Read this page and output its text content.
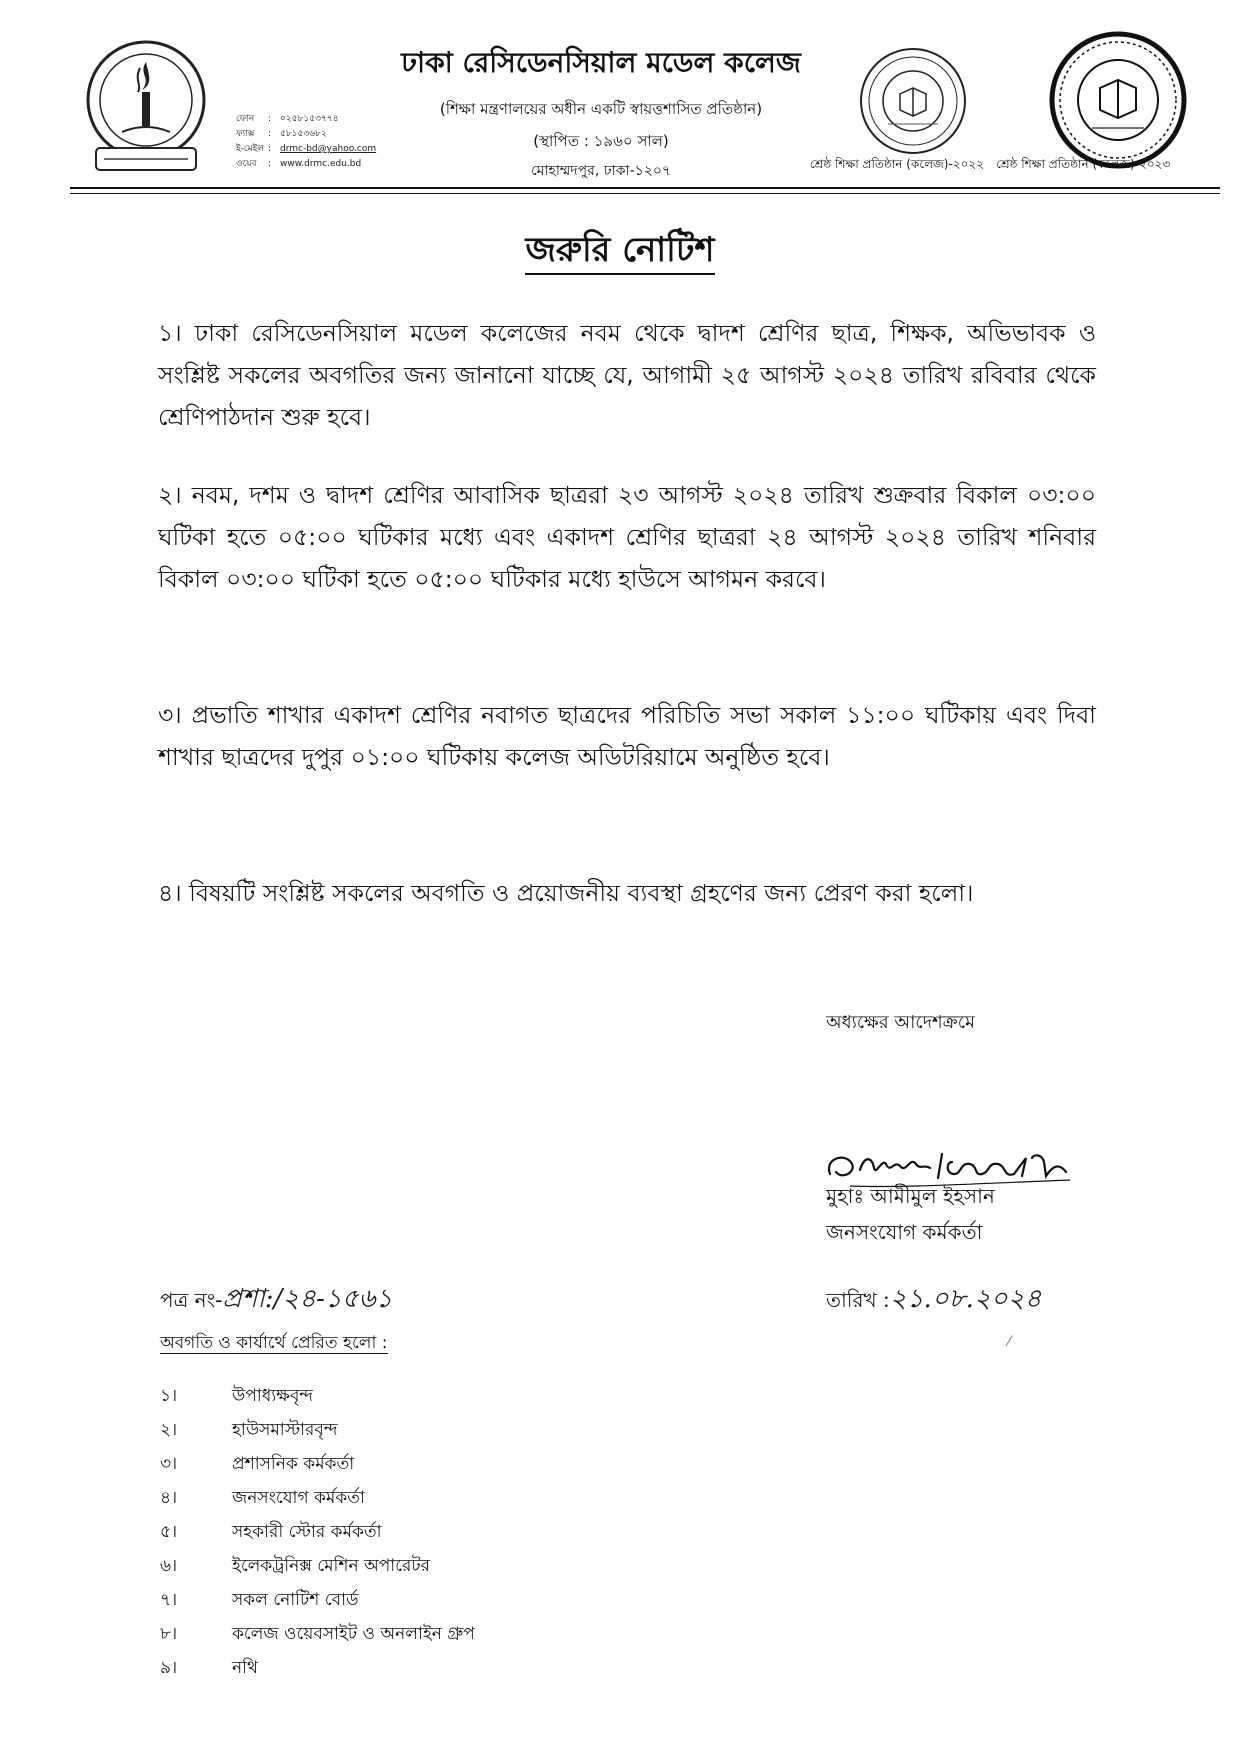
ফোন	: ০২৫৮১৫৩৭৭৪
ফ্যাক্স	: ৫৮১৫৩৬৮২
ই-মেইল : drmc-bd@yahoo.com
ওয়েব	: www.drmc.edu.bd
ঢাকা রেসিডেনসিয়াল মডেল কলেজ
(শিক্ষা মন্ত্রণালয়ের অধীন একটি স্বায়ত্তশাসিত প্রতিষ্ঠান)
(স্থাপিত : ১৯৬০ সাল)
মোহাম্মদপুর, ঢাকা-১২০৭	শ্রেষ্ঠ শিক্ষা প্রতিষ্ঠান (কলেজ)-২০২২ শ্রেষ্ঠ শিক্ষা প্রতিষ্ঠান (কলেজ)-২০২৩
জরুরি নোটিশ
১। ঢাকা রেসিডেনসিয়াল মডেল কলেজের নবম থেকে দ্বাদশ শ্রেণির ছাত্র, শিক্ষক, অভিভাবক ও সংশ্লিষ্ট সকলের অবগতির জন্য জানানো যাচ্ছে যে, আগামী ২৫ আগস্ট ২০২৪ তারিখ রবিবার থেকে শ্রেণিপাঠদান শুরু হবে।
২। নবম, দশম ও দ্বাদশ শ্রেণির আবাসিক ছাত্ররা ২৩ আগস্ট ২০২৪ তারিখ শুক্রবার বিকাল ০৩:০০ ঘটিকা হতে ০৫:০০ ঘটিকার মধ্যে এবং একাদশ শ্রেণির ছাত্ররা ২৪ আগস্ট ২০২৪ তারিখ শনিবার বিকাল ০৩:০০ ঘটিকা হতে ০৫:০০ ঘটিকার মধ্যে হাউসে আগমন করবে।
৩। প্রভাতি শাখার একাদশ শ্রেণির নবাগত ছাত্রদের পরিচিতি সভা সকাল ১১:০০ ঘটিকায় এবং দিবা শাখার ছাত্রদের দুপুর ০১:০০ ঘটিকায় কলেজ অডিটরিয়ামে অনুষ্ঠিত হবে।
৪। বিষয়টি সংশ্লিষ্ট সকলের অবগতি ও প্রয়োজনীয় ব্যবস্থা গ্রহণের জন্য প্রেরণ করা হলো।
অধ্যক্ষের আদেশক্রমে
মুহাঃ আমীমুল ইহসান
জনসংযোগ কর্মকর্তা
পত্র নং-প্রশা:/২৪-১৫৬১	তারিখ :২১.০৮.২০২৪
⁄
অবগতি ও কার্যার্থে প্রেরিত হলো :
১।	উপাধ্যক্ষবৃন্দ
২।	হাউসমাস্টারবৃন্দ
৩।	প্রশাসনিক কর্মকর্তা
৪।	জনসংযোগ কর্মকর্তা
৫।	সহকারী স্টোর কর্মকর্তা
৬।	ইলেকট্রনিক্স মেশিন অপারেটর
৭।	সকল নোটিশ বোর্ড
৮।	কলেজ ওয়েবসাইট ও অনলাইন গ্রুপ
৯।	নথি
